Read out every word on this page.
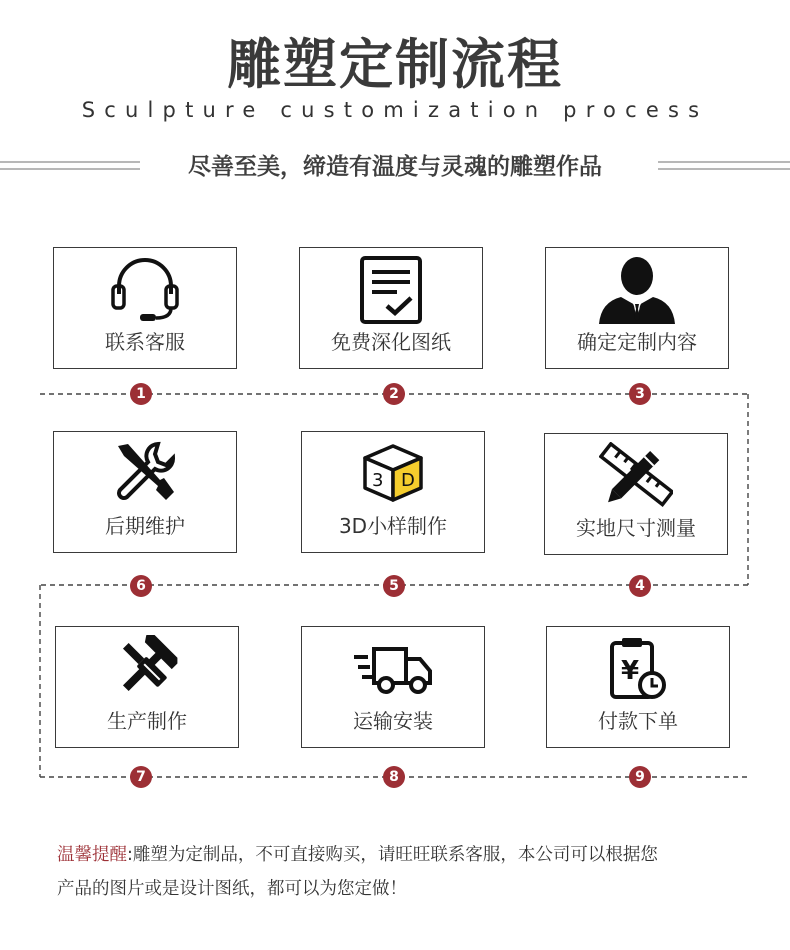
雕塑定制流程
Sculpture customization process
尽善至美，缔造有温度与灵魂的雕塑作品
联系客服	免费深化图纸	确定定制内容
后期维护
3 D
3D小样制作	实地尺寸测量
生产制作	运输安装
¥
付款下单
1	2	3
4
5
6
7	8	9
温馨提醒:雕塑为定制品，不可直接购买，请旺旺联系客服，本公司可以根据您
产品的图片或是设计图纸，都可以为您定做！
